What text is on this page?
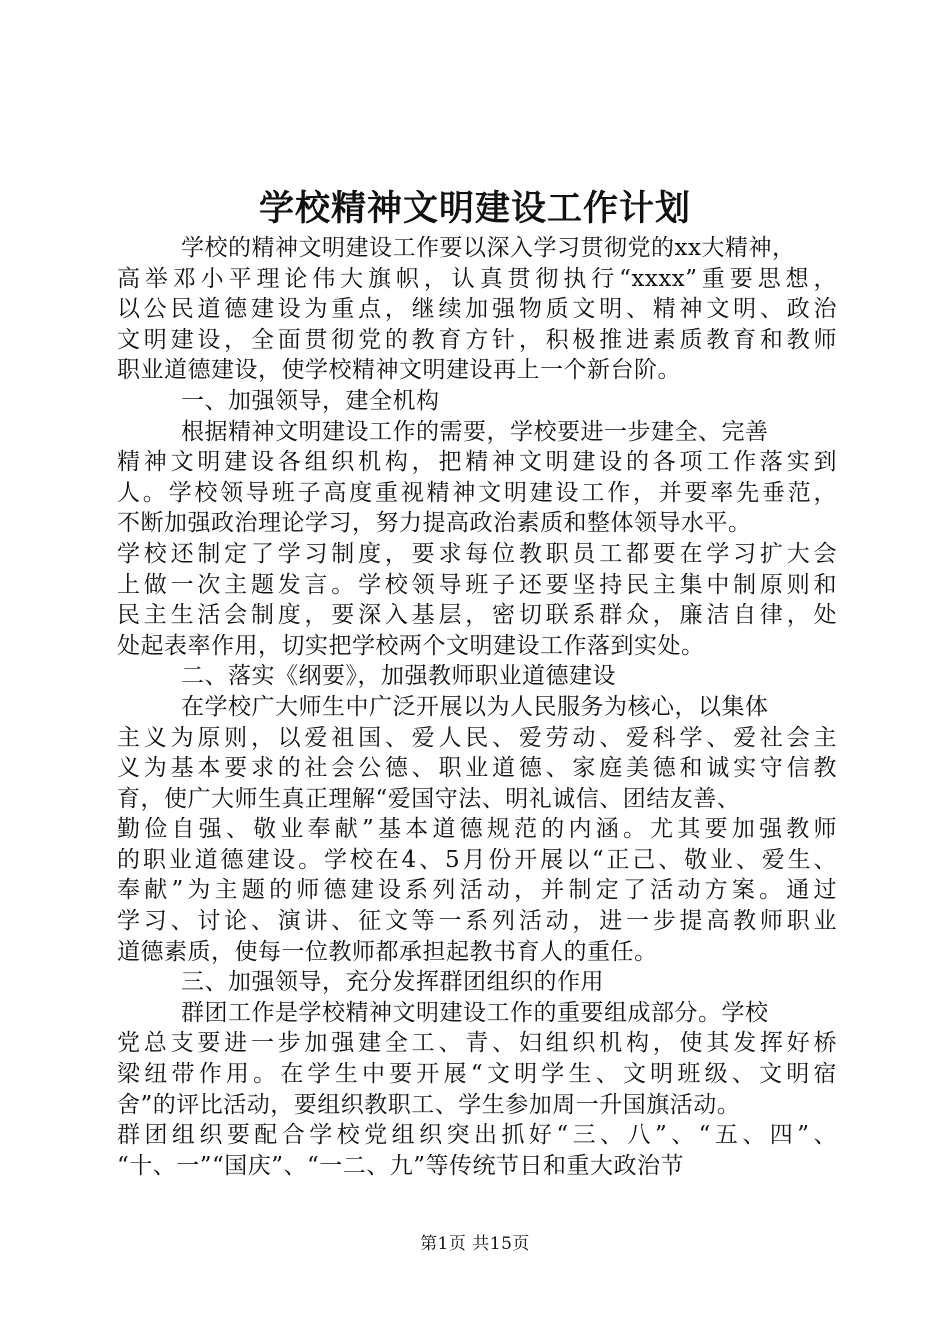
学校精神文明建设工作计划
学校的精神文明建设工作要以深入学习贯彻党的xx大精神，
高举邓小平理论伟大旗帜，认真贯彻执行“xxxx”重要思想，
以公民道德建设为重点，继续加强物质文明、精神文明、政治
文明建设，全面贯彻党的教育方针，积极推进素质教育和教师
职业道德建设，使学校精神文明建设再上一个新台阶。
一、加强领导，建全机构
根据精神文明建设工作的需要，学校要进一步建全、完善
精神文明建设各组织机构，把精神文明建设的各项工作落实到
人。学校领导班子高度重视精神文明建设工作，并要率先垂范，
不断加强政治理论学习，努力提高政治素质和整体领导水平。
学校还制定了学习制度，要求每位教职员工都要在学习扩大会
上做一次主题发言。学校领导班子还要坚持民主集中制原则和
民主生活会制度，要深入基层，密切联系群众，廉洁自律，处
处起表率作用，切实把学校两个文明建设工作落到实处。
二、落实《纲要》，加强教师职业道德建设
在学校广大师生中广泛开展以为人民服务为核心，以集体
主义为原则，以爱祖国、爱人民、爱劳动、爱科学、爱社会主
义为基本要求的社会公德、职业道德、家庭美德和诚实守信教
育，使广大师生真正理解“爱国守法、明礼诚信、团结友善、
勤俭自强、敬业奉献”基本道德规范的内涵。尤其要加强教师
的职业道德建设。学校在4、5月份开展以“正己、敬业、爱生、
奉献”为主题的师德建设系列活动，并制定了活动方案。通过
学习、讨论、演讲、征文等一系列活动，进一步提高教师职业
道德素质，使每一位教师都承担起教书育人的重任。
三、加强领导，充分发挥群团组织的作用
群团工作是学校精神文明建设工作的重要组成部分。学校
党总支要进一步加强建全工、青、妇组织机构，使其发挥好桥
梁纽带作用。在学生中要开展“文明学生、文明班级、文明宿
舍”的评比活动，要组织教职工、学生参加周一升国旗活动。
群团组织要配合学校党组织突出抓好“三、八”、“五、四”、
“十、一”“国庆”、“一二、九”等传统节日和重大政治节
第1页 共15页
